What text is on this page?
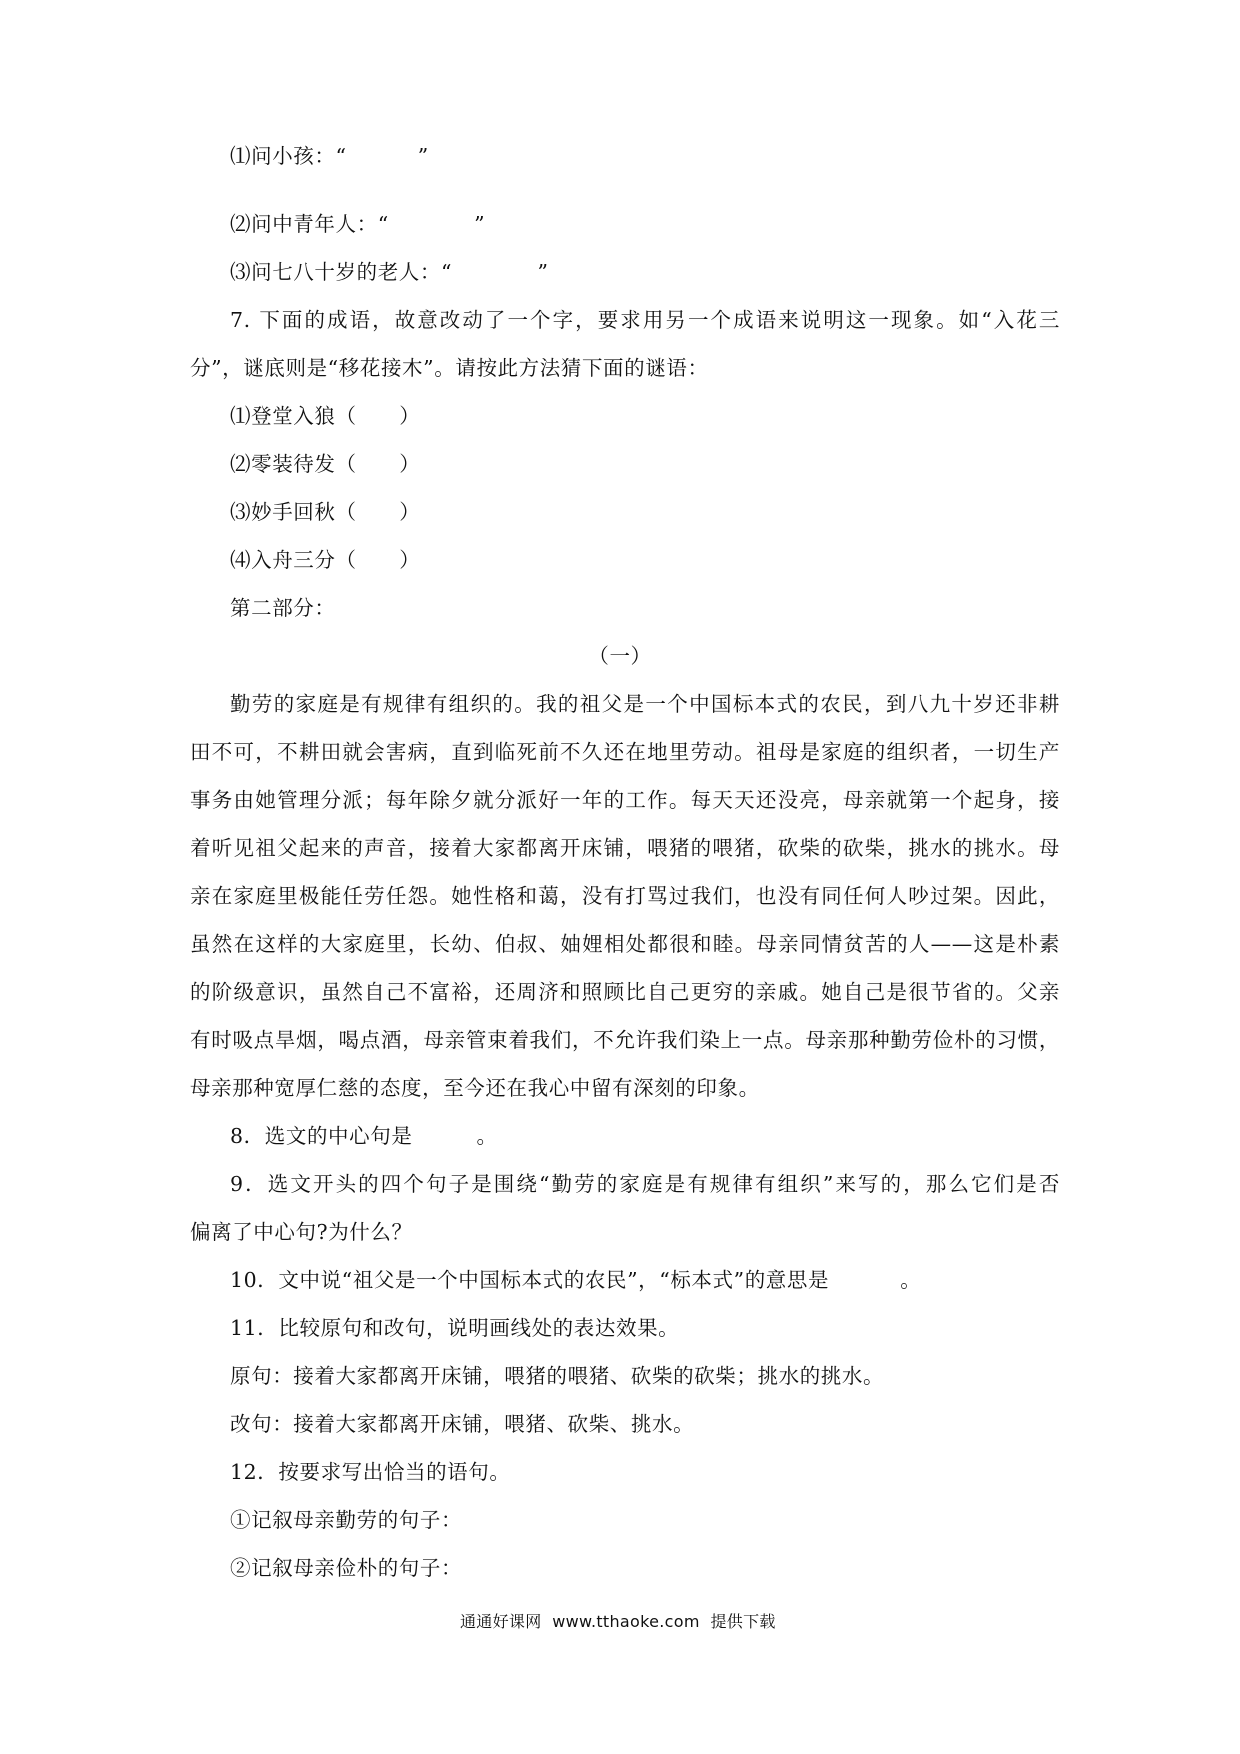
⑴问小孩：“          ”
⑵问中青年人：“            ”
⑶问七八十岁的老人：“            ”
7. 下面的成语，故意改动了一个字，要求用另一个成语来说明这一现象。如“入花三
分”，谜底则是“移花接木”。请按此方法猜下面的谜语：
⑴登堂入狼（      ）
⑵零装待发（      ）
⑶妙手回秋（      ）
⑷入舟三分（      ）
第二部分：
（一）
勤劳的家庭是有规律有组织的。我的祖父是一个中国标本式的农民，到八九十岁还非耕
田不可，不耕田就会害病，直到临死前不久还在地里劳动。祖母是家庭的组织者，一切生产
事务由她管理分派；每年除夕就分派好一年的工作。每天天还没亮，母亲就第一个起身，接
着听见祖父起来的声音，接着大家都离开床铺，喂猪的喂猪，砍柴的砍柴，挑水的挑水。母
亲在家庭里极能任劳任怨。她性格和蔼，没有打骂过我们，也没有同任何人吵过架。因此，
虽然在这样的大家庭里，长幼、伯叔、妯娌相处都很和睦。母亲同情贫苦的人——这是朴素
的阶级意识，虽然自己不富裕，还周济和照顾比自己更穷的亲戚。她自己是很节省的。父亲
有时吸点旱烟，喝点酒，母亲管束着我们，不允许我们染上一点。母亲那种勤劳俭朴的习惯，
母亲那种宽厚仁慈的态度，至今还在我心中留有深刻的印象。
8．选文的中心句是         。
9．选文开头的四个句子是围绕“勤劳的家庭是有规律有组织”来写的，那么它们是否
偏离了中心句?为什么？
10．文中说“祖父是一个中国标本式的农民”，“标本式”的意思是          。
11．比较原句和改句，说明画线处的表达效果。
原句：接着大家都离开床铺，喂猪的喂猪、砍柴的砍柴；挑水的挑水。
改句：接着大家都离开床铺，喂猪、砍柴、挑水。
12．按要求写出恰当的语句。
①记叙母亲勤劳的句子：
②记叙母亲俭朴的句子：
通通好课网  www.tthaoke.com  提供下载
